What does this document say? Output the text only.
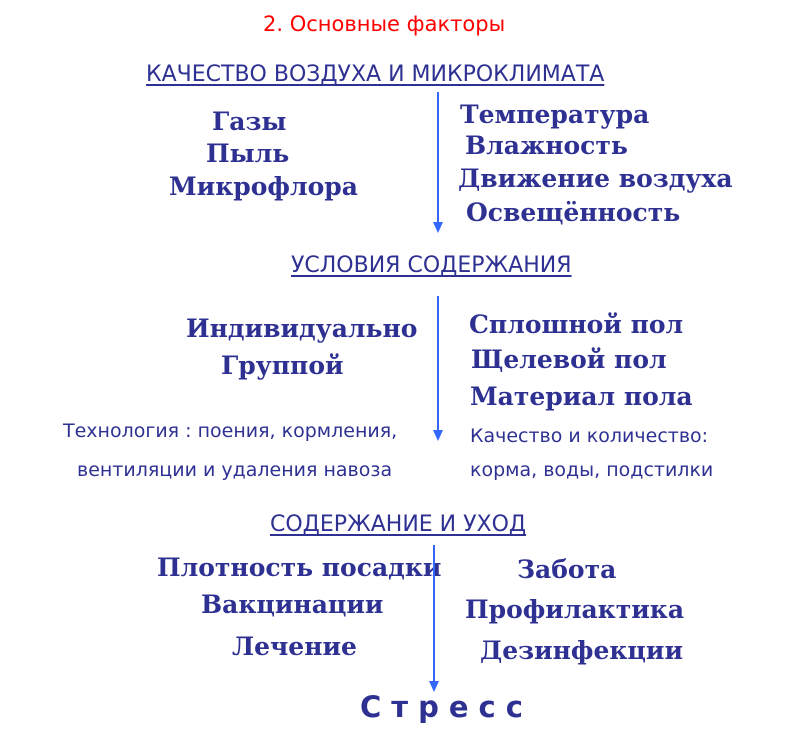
2. Основные факторы
КАЧЕСТВО ВОЗДУХА И МИКРОКЛИМАТА
Газы
Пыль
Микрофлора
Температура
Влажность
Движение воздуха
Освещённость
УСЛОВИЯ СОДЕРЖАНИЯ
Индивидуально
Группой
Сплошной пол
Щелевой пол
Материал пола
Технология : поения, кормления,
вентиляции и удаления навоза
Качество и количество:
корма, воды, подстилки
СОДЕРЖАНИЕ И УХОД
Плотность посадки
Вакцинации
Лечение
Забота
Профилактика
Дезинфекции
Стресс
